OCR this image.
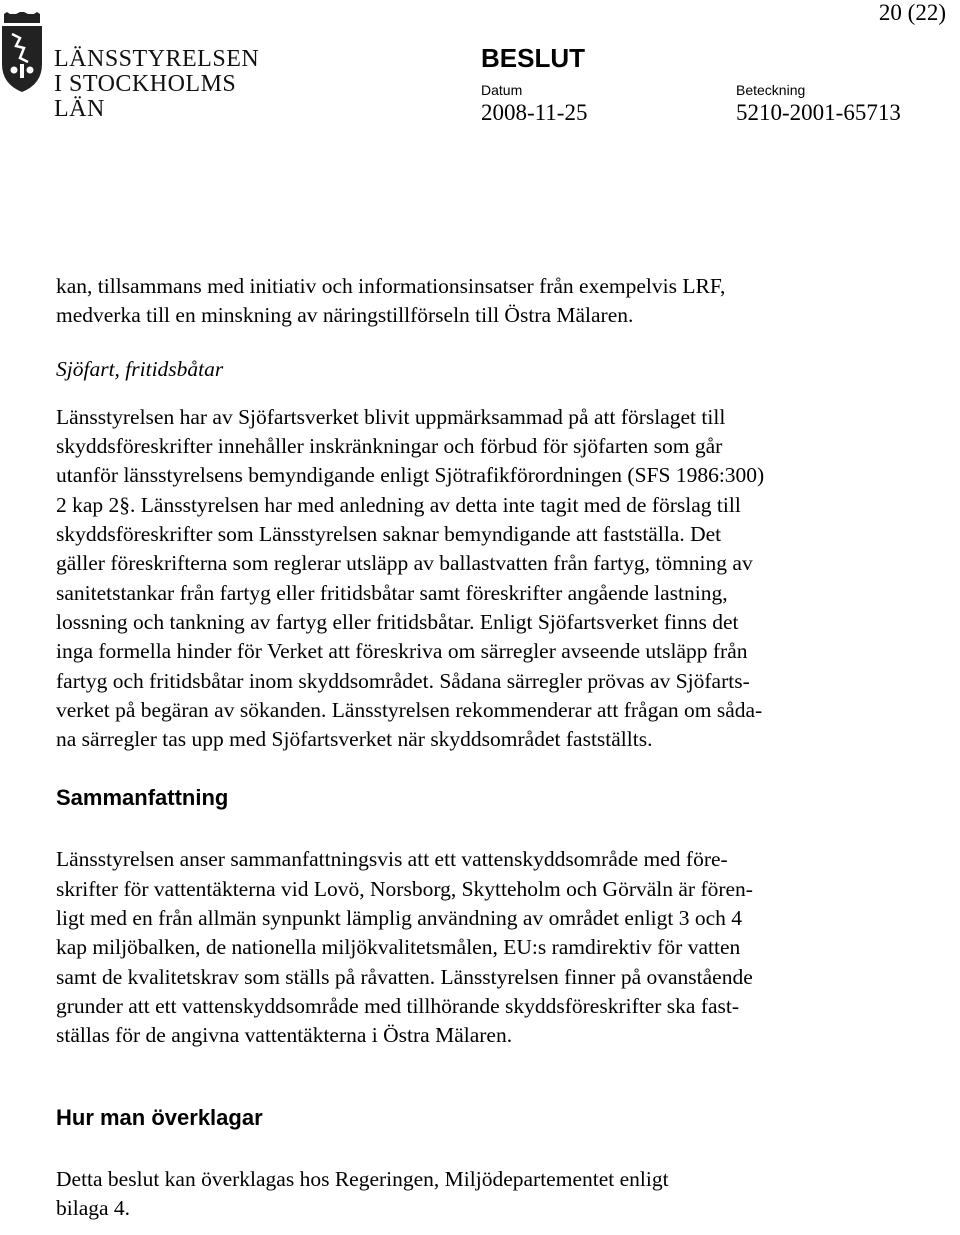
LÄNSSTYRELSEN
I STOCKHOLMS LÄN
20 (22)
BESLUT
Datum
2008-11-25
Beteckning
5210-2001-65713

kan, tillsammans med initiativ och informationsinsatser från exempelvis LRF,

medverka till en minskning av näringstillförseln till Östra Mälaren.

Sjöfart, fritidsbåtar

Länsstyrelsen har av Sjöfartsverket blivit uppmärksammad på att förslaget till

skyddsföreskrifter innehåller inskränkningar och förbud för sjöfarten som går

utanför länsstyrelsens bemyndigande enligt Sjötrafikförordningen (SFS 1986:300)

2 kap 2§. Länsstyrelsen har med anledning av detta inte tagit med de förslag till

skyddsföreskrifter som Länsstyrelsen saknar bemyndigande att fastställa. Det

gäller föreskrifterna som reglerar utsläpp av ballastvatten från fartyg, tömning av

sanitetstankar från fartyg eller fritidsbåtar samt föreskrifter angående lastning,

lossning och tankning av fartyg eller fritidsbåtar. Enligt Sjöfartsverket finns det

inga formella hinder för Verket att föreskriva om särregler avseende utsläpp från

fartyg och fritidsbåtar inom skyddsområdet. Sådana särregler prövas av Sjöfarts-

verket på begäran av sökanden. Länsstyrelsen rekommenderar att frågan om såda-

na särregler tas upp med Sjöfartsverket när skyddsområdet fastställts.

Sammanfattning

Länsstyrelsen anser sammanfattningsvis att ett vattenskyddsområde med före-

skrifter för vattentäkterna vid Lovö, Norsborg, Skytteholm och Görväln är fören-

ligt med en från allmän synpunkt lämplig användning av området enligt 3 och 4

kap miljöbalken, de nationella miljökvalitetsmålen, EU:s ramdirektiv för vatten

samt de kvalitetskrav som ställs på råvatten. Länsstyrelsen finner på ovanstående

grunder att ett vattenskyddsområde med tillhörande skyddsföreskrifter ska fast-

ställas för de angivna vattentäkterna i Östra Mälaren.

Hur man överklagar

Detta beslut kan överklagas hos Regeringen, Miljödepartementet enligt

bilaga 4.
